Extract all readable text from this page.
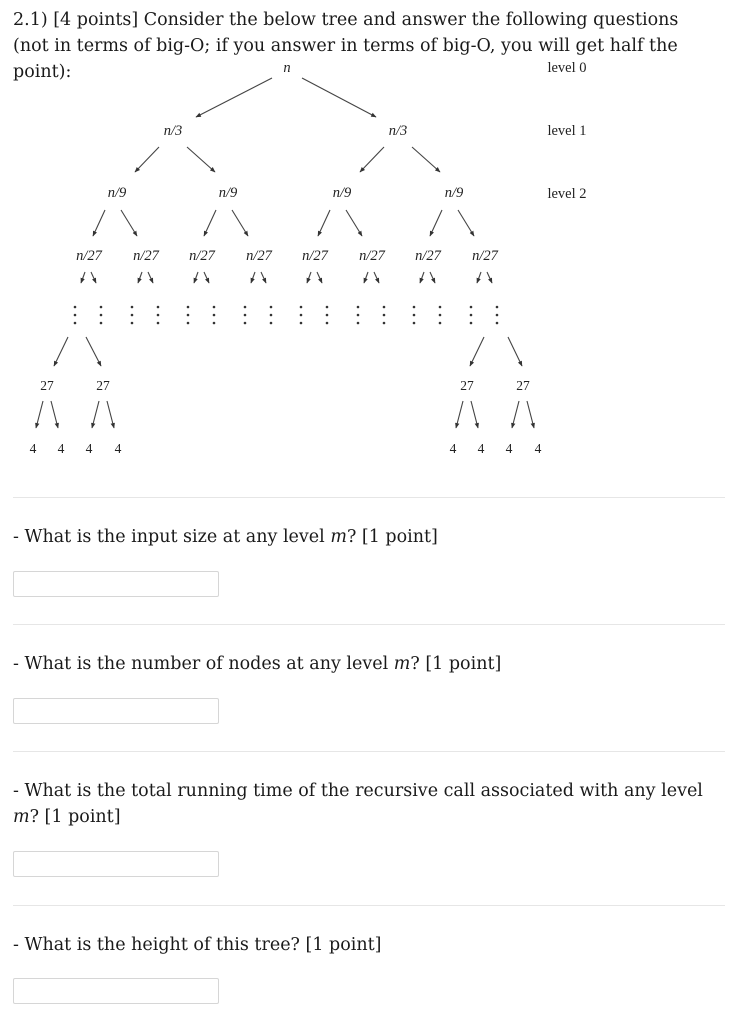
2.1) [4 points] Consider the below tree and answer the following questions (not in terms of big-O; if you answer in terms of big-O, you will get half the point):	n
n/3	n/3
n/9	n/9	n/9	n/9
n/27 n/27 n/27 n/27 n/27 n/27 n/27 n/27
27	27	27	27
4 4 4 4	4 4 4 4
level 0
level 1
level 2
- What is the input size at any level m? [1 point]
- What is the number of nodes at any level m? [1 point]
- What is the total running time of the recursive call associated with any level m? [1 point]
- What is the height of this tree? [1 point]
